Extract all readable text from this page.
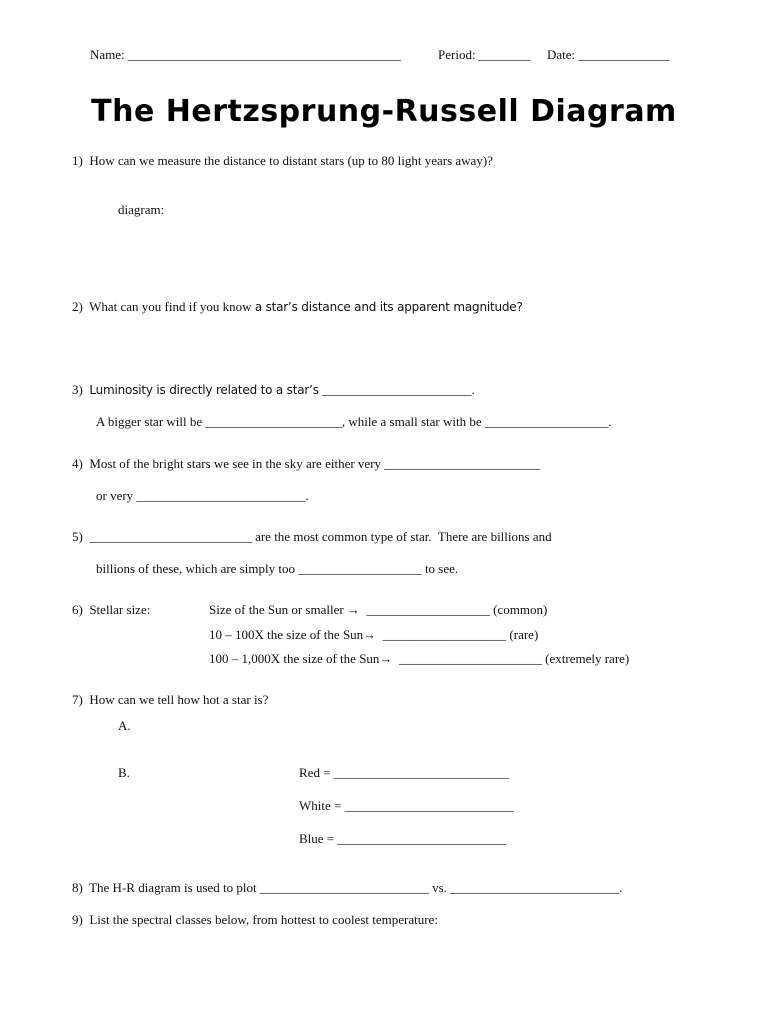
Name: __________________________________________	Period: ________ Date: ______________
The Hertzsprung-Russell Diagram
1)  How can we measure the distance to distant stars (up to 80 light years away)?
diagram:
2)  What can you find if you know a star’s distance and its apparent magnitude?
3)  Luminosity is directly related to a star’s _______________________.
A bigger star will be _____________________, while a small star with be ___________________.
4)  Most of the bright stars we see in the sky are either very ________________________
or very __________________________.
5)  _________________________ are the most common type of star.  There are billions and
billions of these, which are simply too ___________________ to see.
6)  Stellar size:	Size of the Sun or smaller →  ___________________ (common)
10 – 100X the size of the Sun→  ___________________ (rare)
100 – 1,000X the size of the Sun→  ______________________ (extremely rare)
7)  How can we tell how hot a star is?
A.
B.	Red = ___________________________
White = __________________________
Blue = __________________________
8)  The H-R diagram is used to plot __________________________ vs. __________________________.
9)  List the spectral classes below, from hottest to coolest temperature:
